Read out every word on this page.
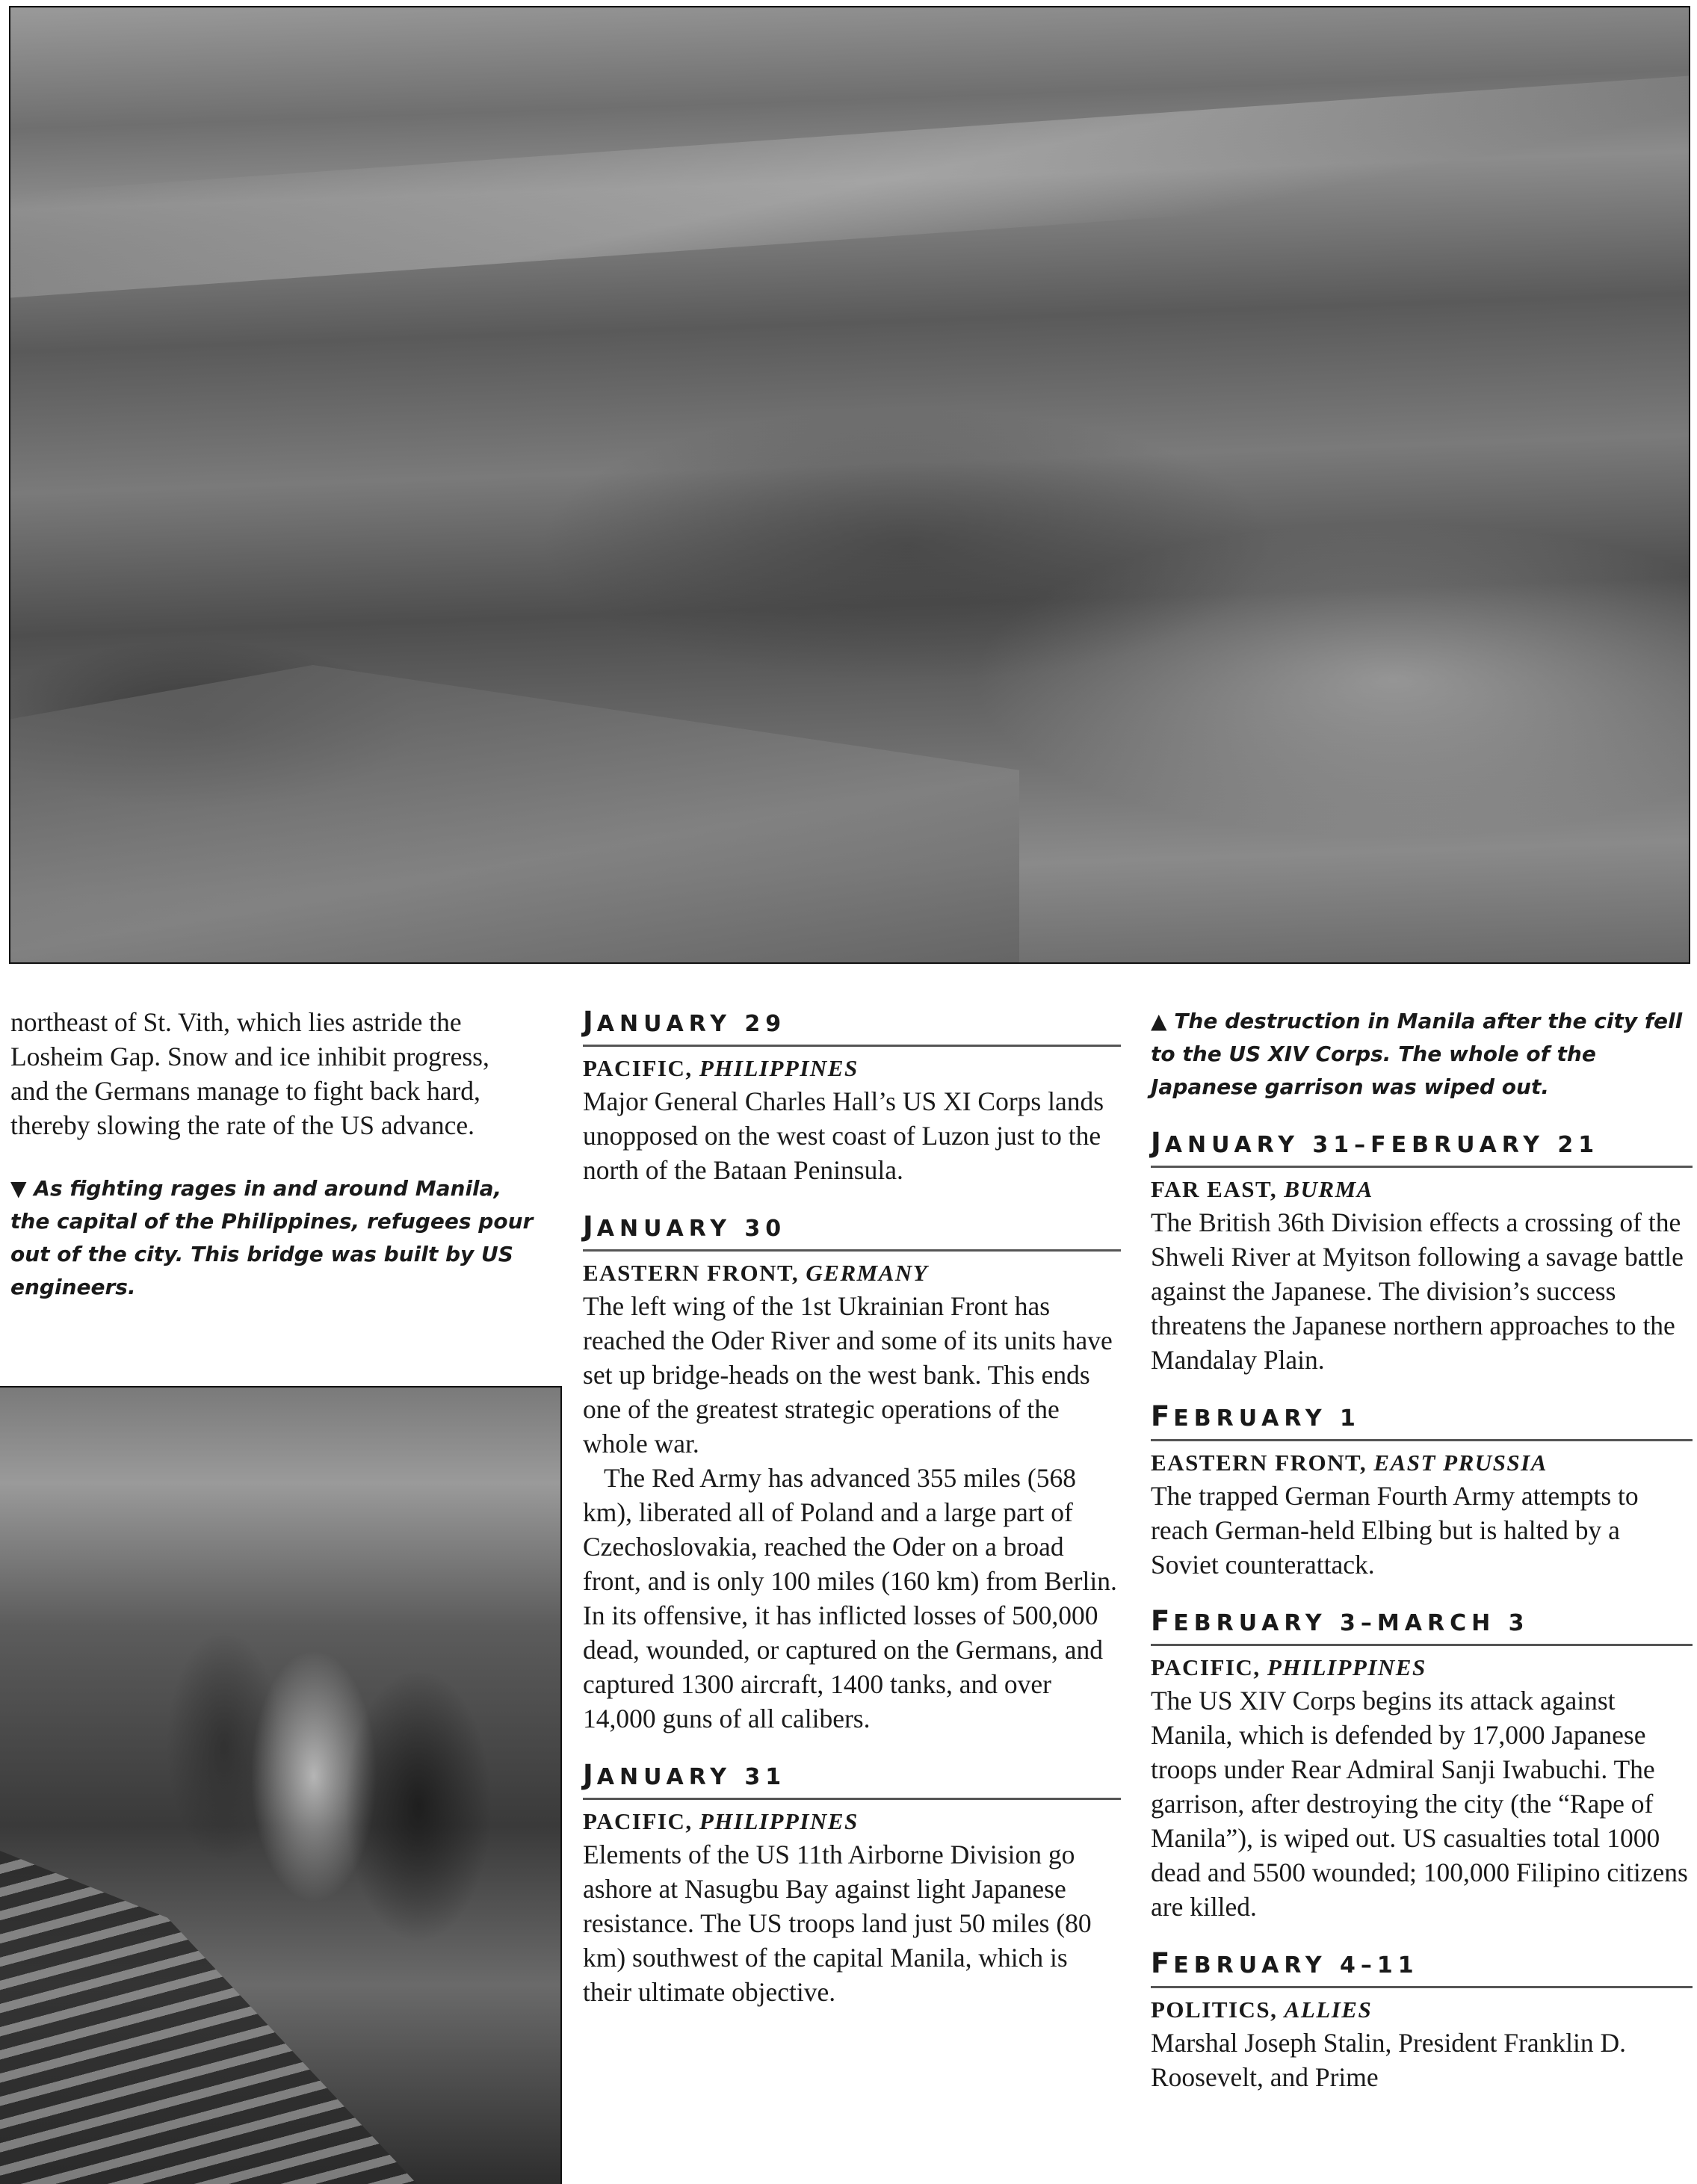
northeast of St. Vith, which lies astride the Losheim Gap. Snow and ice inhibit progress, and the Germans manage to fight back hard, thereby slowing the rate of the US advance.

▼ As fighting rages in and around Manila, the capital of the Philippines, refugees pour out of the city. This bridge was built by US engineers.

JANUARY 29

PACIFIC, PHILIPPINES

Major General Charles Hall’s US XI Corps lands unopposed on the west coast of Luzon just to the north of the Bataan Peninsula.

JANUARY 30

EASTERN FRONT, GERMANY

The left wing of the 1st Ukrainian Front has reached the Oder River and some of its units have set up bridge-heads on the west bank. This ends one of the greatest strategic operations of the whole war.

The Red Army has advanced 355 miles (568 km), liberated all of Poland and a large part of Czechoslovakia, reached the Oder on a broad front, and is only 100 miles (160 km) from Berlin. In its offensive, it has inflicted losses of 500,000 dead, wounded, or captured on the Germans, and captured 1300 aircraft, 1400 tanks, and over 14,000 guns of all calibers.

JANUARY 31

PACIFIC, PHILIPPINES

Elements of the US 11th Airborne Division go ashore at Nasugbu Bay against light Japanese resistance. The US troops land just 50 miles (80 km) southwest of the capital Manila, which is their ultimate objective.

▲ The destruction in Manila after the city fell to the US XIV Corps. The whole of the Japanese garrison was wiped out.

JANUARY 31–FEBRUARY 21

FAR EAST, BURMA

The British 36th Division effects a crossing of the Shweli River at Myitson following a savage battle against the Japanese. The division’s success threatens the Japanese northern approaches to the Mandalay Plain.

FEBRUARY 1

EASTERN FRONT, EAST PRUSSIA

The trapped German Fourth Army attempts to reach German-held Elbing but is halted by a Soviet counterattack.

FEBRUARY 3–MARCH 3

PACIFIC, PHILIPPINES

The US XIV Corps begins its attack against Manila, which is defended by 17,000 Japanese troops under Rear Admiral Sanji Iwabuchi. The garrison, after destroying the city (the “Rape of Manila”), is wiped out. US casualties total 1000 dead and 5500 wounded; 100,000 Filipino citizens are killed.

FEBRUARY 4–11

POLITICS, ALLIES

Marshal Joseph Stalin, President Franklin D. Roosevelt, and Prime
